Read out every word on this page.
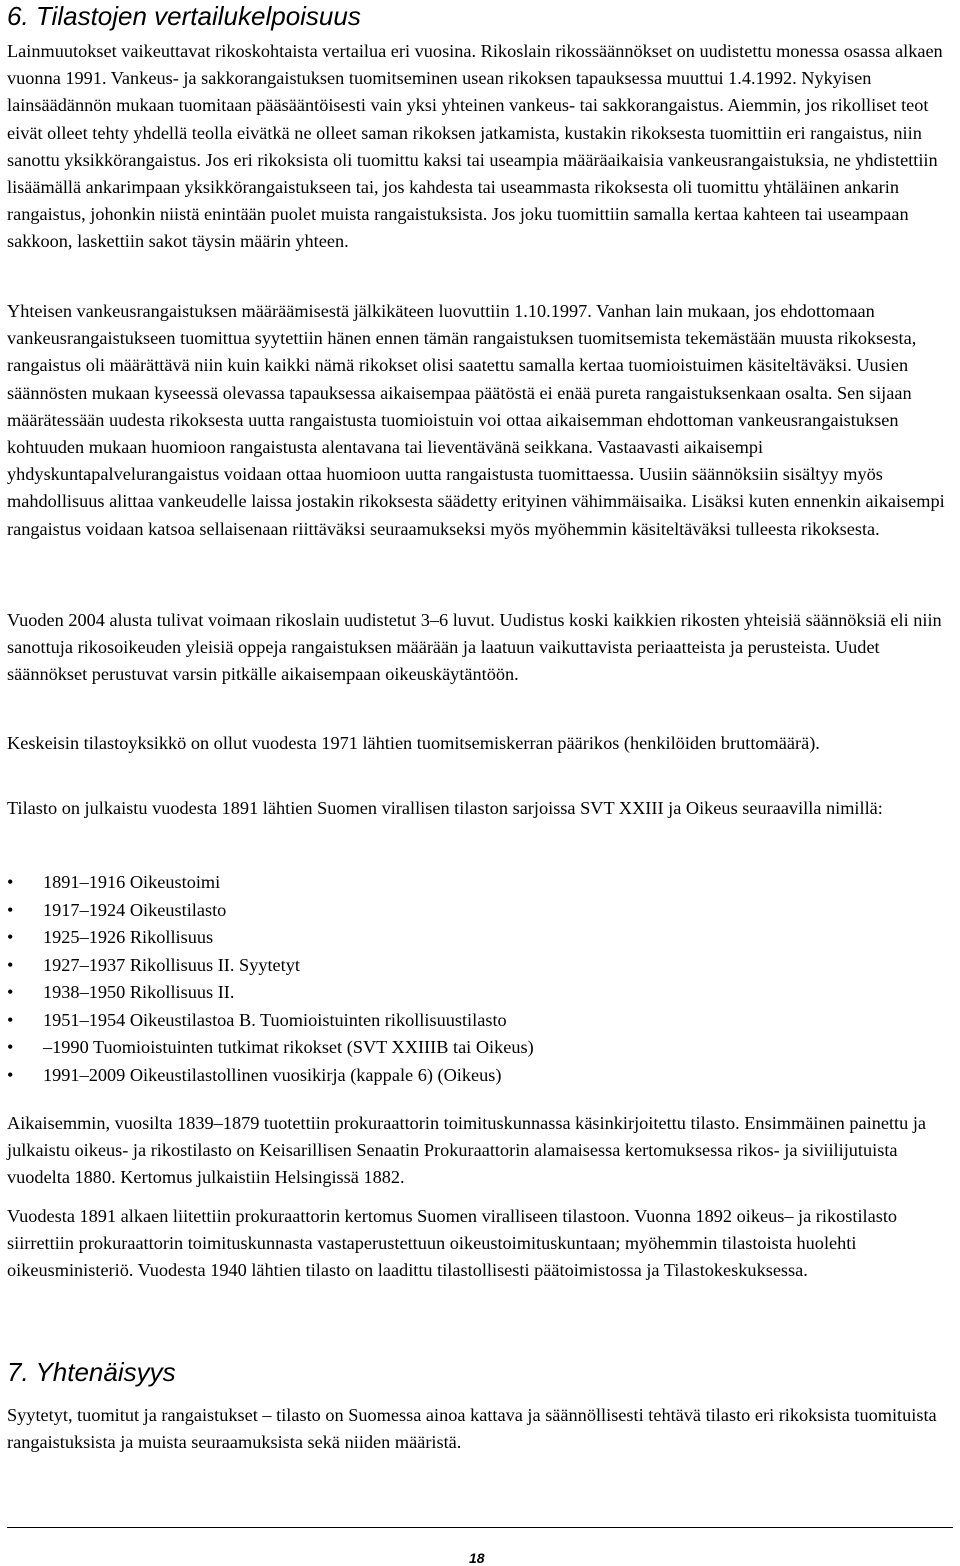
6. Tilastojen vertailukelpoisuus

Lainmuutokset vaikeuttavat rikoskohtaista vertailua eri vuosina. Rikoslain rikossäännökset on uudistettu monessa osassa alkaen vuonna 1991. Vankeus- ja sakkorangaistuksen tuomitseminen usean rikoksen tapauksessa muuttui 1.4.1992. Nykyisen lainsäädännön mukaan tuomitaan pääsääntöisesti vain yksi yhteinen vankeus- tai sakkorangaistus. Aiemmin, jos rikolliset teot eivät olleet tehty yhdellä teolla eivätkä ne olleet saman rikoksen jatkamista, kustakin rikoksesta tuomittiin eri rangaistus, niin sanottu yksikkörangaistus. Jos eri rikoksista oli tuomittu kaksi tai useampia määräaikaisia vankeusrangaistuksia, ne yhdistettiin lisäämällä ankarimpaan yksikkörangaistukseen tai, jos kahdesta tai useammasta rikoksesta oli tuomittu yhtäläinen ankarin rangaistus, johonkin niistä enintään puolet muista rangaistuksista. Jos joku tuomittiin samalla kertaa kahteen tai useampaan sakkoon, laskettiin sakot täysin määrin yhteen.

Yhteisen vankeusrangaistuksen määräämisestä jälkikäteen luovuttiin 1.10.1997. Vanhan lain mukaan, jos ehdottomaan vankeusrangaistukseen tuomittua syytettiin hänen ennen tämän rangaistuksen tuomitsemista tekemästään muusta rikoksesta, rangaistus oli määrättävä niin kuin kaikki nämä rikokset olisi saatettu samalla kertaa tuomioistuimen käsiteltäväksi. Uusien säännösten mukaan kyseessä olevassa tapauksessa aikaisempaa päätöstä ei enää pureta rangaistuksenkaan osalta. Sen sijaan määrätessään uudesta rikoksesta uutta rangaistusta tuomioistuin voi ottaa aikaisemman ehdottoman vankeusrangaistuksen kohtuuden mukaan huomioon rangaistusta alentavana tai lieventävänä seikkana. Vastaavasti aikaisempi yhdyskuntapalvelurangaistus voidaan ottaa huomioon uutta rangaistusta tuomittaessa. Uusiin säännöksiin sisältyy myös mahdollisuus alittaa vankeudelle laissa jostakin rikoksesta säädetty erityinen vähimmäisaika. Lisäksi kuten ennenkin aikaisempi rangaistus voidaan katsoa sellaisenaan riittäväksi seuraamukseksi myös myöhemmin käsiteltäväksi tulleesta rikoksesta.

Vuoden 2004 alusta tulivat voimaan rikoslain uudistetut 3–6 luvut. Uudistus koski kaikkien rikosten yhteisiä säännöksiä eli niin sanottuja rikosoikeuden yleisiä oppeja rangaistuksen määrään ja laatuun vaikuttavista periaatteista ja perusteista. Uudet säännökset perustuvat varsin pitkälle aikaisempaan oikeuskäytäntöön.

Keskeisin tilastoyksikkö on ollut vuodesta 1971 lähtien tuomitsemiskerran päärikos (henkilöiden bruttomäärä).

Tilasto on julkaistu vuodesta 1891 lähtien Suomen virallisen tilaston sarjoissa SVT XXIII ja Oikeus seuraavilla nimillä:

• 1891–1916 Oikeustoimi
• 1917–1924 Oikeustilasto
• 1925–1926 Rikollisuus
• 1927–1937 Rikollisuus II. Syytetyt
• 1938–1950 Rikollisuus II.
• 1951–1954 Oikeustilastoa B. Tuomioistuinten rikollisuustilasto
• –1990 Tuomioistuinten tutkimat rikokset (SVT XXIIIB tai Oikeus)
• 1991–2009 Oikeustilastollinen vuosikirja (kappale 6) (Oikeus)

Aikaisemmin, vuosilta 1839–1879 tuotettiin prokuraattorin toimituskunnassa käsinkirjoitettu tilasto. Ensimmäinen painettu ja julkaistu oikeus- ja rikostilasto on Keisarillisen Senaatin Prokuraattorin alamaisessa kertomuksessa rikos- ja siviilijutuista vuodelta 1880. Kertomus julkaistiin Helsingissä 1882.

Vuodesta 1891 alkaen liitettiin prokuraattorin kertomus Suomen viralliseen tilastoon. Vuonna 1892 oikeus– ja rikostilasto siirrettiin prokuraattorin toimituskunnasta vastaperustettuun oikeustoimituskuntaan; myöhemmin tilastoista huolehti oikeusministeriö. Vuodesta 1940 lähtien tilasto on laadittu tilastollisesti päätoimistossa ja Tilastokeskuksessa.

7. Yhtenäisyys

Syytetyt, tuomitut ja rangaistukset – tilasto on Suomessa ainoa kattava ja säännöllisesti tehtävä tilasto eri rikoksista tuomituista rangaistuksista ja muista seuraamuksista sekä niiden määristä.

18
